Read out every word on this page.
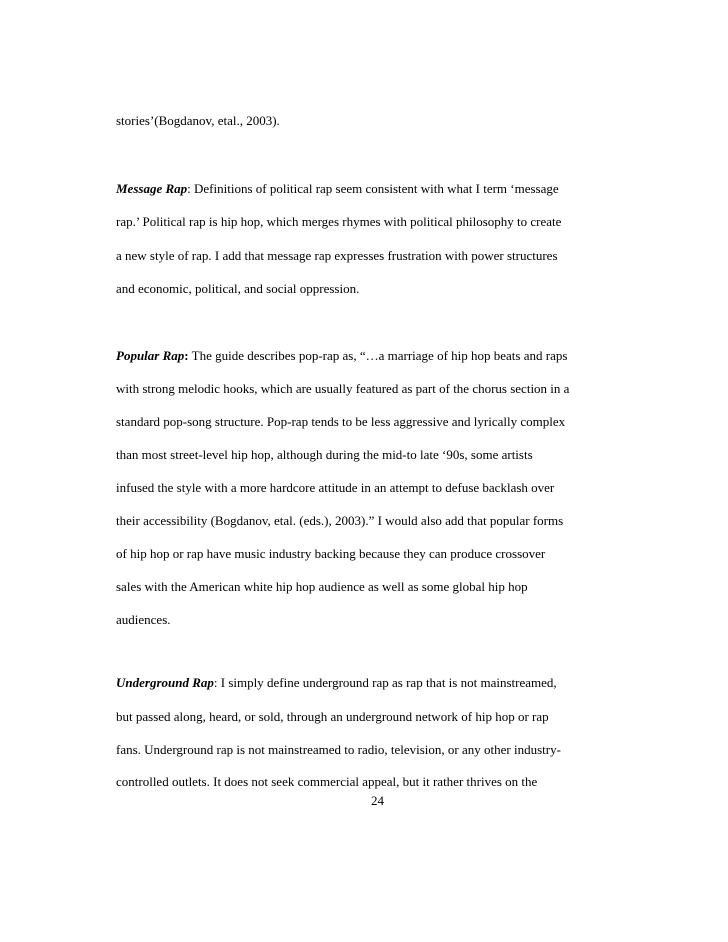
stories’(Bogdanov, etal., 2003).

Message Rap: Definitions of political rap seem consistent with what I term ‘message

rap.’ Political rap is hip hop, which merges rhymes with political philosophy to create

a new style of rap. I add that message rap expresses frustration with power structures

and economic, political, and social oppression.

Popular Rap: The guide describes pop-rap as, “…a marriage of hip hop beats and raps

with strong melodic hooks, which are usually featured as part of the chorus section in a

standard pop-song structure. Pop-rap tends to be less aggressive and lyrically complex

than most street-level hip hop, although during the mid-to late ‘90s, some artists

infused the style with a more hardcore attitude in an attempt to defuse backlash over

their accessibility (Bogdanov, etal. (eds.), 2003).” I would also add that popular forms

of hip hop or rap have music industry backing because they can produce crossover

sales with the American white hip hop audience as well as some global hip hop

audiences.

Underground Rap: I simply define underground rap as rap that is not mainstreamed,

but passed along, heard, or sold, through an underground network of hip hop or rap

fans. Underground rap is not mainstreamed to radio, television, or any other industry-

controlled outlets. It does not seek commercial appeal, but it rather thrives on the

24
